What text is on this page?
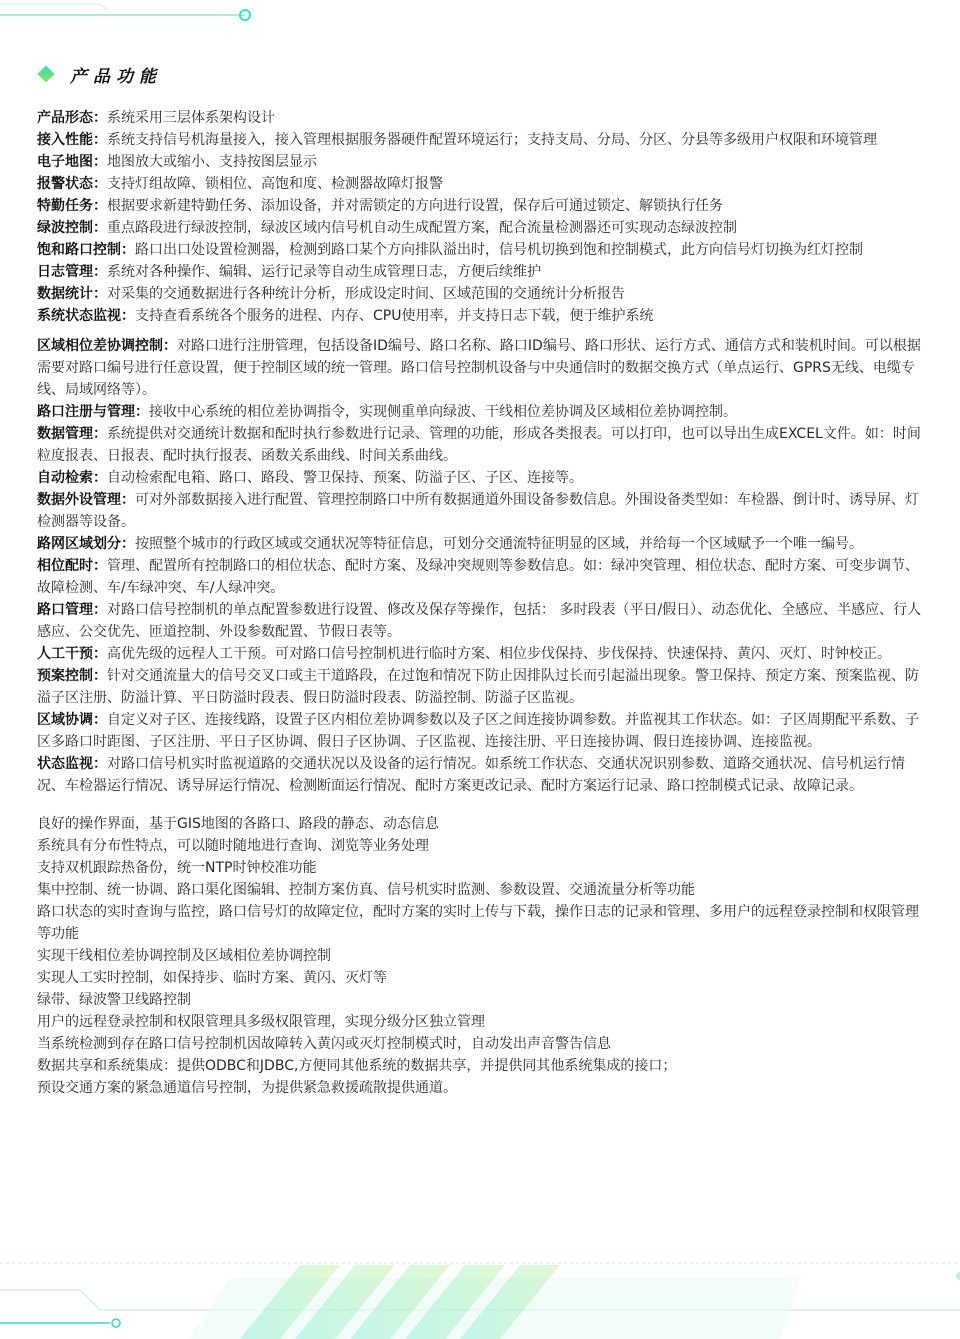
产品功能

产品形态：系统采用三层体系架构设计

接入性能：系统支持信号机海量接入，接入管理根据服务器硬件配置环境运行；支持支局、分局、分区、分县等多级用户权限和环境管理

电子地图：地图放大或缩小、支持按图层显示

报警状态：支持灯组故障、锁相位、高饱和度、检测器故障灯报警

特勤任务：根据要求新建特勤任务、添加设备，并对需锁定的方向进行设置，保存后可通过锁定、解锁执行任务

绿波控制：重点路段进行绿波控制，绿波区域内信号机自动生成配置方案，配合流量检测器还可实现动态绿波控制

饱和路口控制：路口出口处设置检测器，检测到路口某个方向排队溢出时，信号机切换到饱和控制模式，此方向信号灯切换为红灯控制

日志管理：系统对各种操作、编辑、运行记录等自动生成管理日志，方便后续维护

数据统计：对采集的交通数据进行各种统计分析，形成设定时间、区域范围的交通统计分析报告

系统状态监视：支持查看系统各个服务的进程、内存、CPU使用率，并支持日志下载，便于维护系统

区域相位差协调控制：对路口进行注册管理，包括设备ID编号、路口名称、路口ID编号、路口形状、运行方式、通信方式和装机时间。可以根据需要对路口编号进行任意设置，便于控制区域的统一管理。路口信号控制机设备与中央通信时的数据交换方式（单点运行、GPRS无线、电缆专线、局域网络等）。

路口注册与管理：接收中心系统的相位差协调指令，实现侧重单向绿波、干线相位差协调及区域相位差协调控制。

数据管理：系统提供对交通统计数据和配时执行参数进行记录、管理的功能，形成各类报表。可以打印，也可以导出生成EXCEL文件。如：时间粒度报表、日报表、配时执行报表、函数关系曲线、时间关系曲线。

自动检索：自动检索配电箱、路口、路段、警卫保持、预案、防溢子区、子区、连接等。

数据外设管理：可对外部数据接入进行配置、管理控制路口中所有数据通道外围设备参数信息。外围设备类型如：车检器、倒计时、诱导屏、灯检测器等设备。

路网区域划分：按照整个城市的行政区域或交通状况等特征信息，可划分交通流特征明显的区域，并给每一个区域赋予一个唯一编号。

相位配时：管理、配置所有控制路口的相位状态、配时方案、及绿冲突规则等参数信息。如：绿冲突管理、相位状态、配时方案、可变步调节、故障检测、车/车绿冲突、车/人绿冲突。

路口管理：对路口信号控制机的单点配置参数进行设置、修改及保存等操作，包括： 多时段表（平日/假日）、动态优化、全感应、半感应、行人感应、公交优先、匝道控制、外设参数配置、节假日表等。

人工干预：高优先级的远程人工干预。可对路口信号控制机进行临时方案、相位步伐保持、步伐保持、快速保持、黄闪、灭灯、时钟校正。

预案控制：针对交通流量大的信号交叉口或主干道路段，在过饱和情况下防止因排队过长而引起溢出现象。警卫保持、预定方案、预案监视、防溢子区注册、防溢计算、平日防溢时段表、假日防溢时段表、防溢控制、防溢子区监视。

区域协调：自定义对子区、连接线路，设置子区内相位差协调参数以及子区之间连接协调参数。并监视其工作状态。如：子区周期配平系数、子区多路口时距图、子区注册、平日子区协调、假日子区协调、子区监视、连接注册、平日连接协调、假日连接协调、连接监视。

状态监视：对路口信号机实时监视道路的交通状况以及设备的运行情况。如系统工作状态、交通状况识别参数、道路交通状况、信号机运行情况、车检器运行情况、诱导屏运行情况、检测断面运行情况、配时方案更改记录、配时方案运行记录、路口控制模式记录、故障记录。

良好的操作界面，基于GIS地图的各路口、路段的静态、动态信息

系统具有分布性特点，可以随时随地进行查询、浏览等业务处理

支持双机跟踪热备份，统一NTP时钟校准功能

集中控制、统一协调、路口渠化图编辑、控制方案仿真、信号机实时监测、参数设置、交通流量分析等功能

路口状态的实时查询与监控，路口信号灯的故障定位，配时方案的实时上传与下载，操作日志的记录和管理、多用户的远程登录控制和权限管理等功能

实现干线相位差协调控制及区域相位差协调控制

实现人工实时控制，如保持步、临时方案、黄闪、灭灯等

绿带、绿波警卫线路控制

用户的远程登录控制和权限管理具多级权限管理，实现分级分区独立管理

当系统检测到存在路口信号控制机因故障转入黄闪或灭灯控制模式时，自动发出声音警告信息

数据共享和系统集成：提供ODBC和JDBC,方便同其他系统的数据共享，并提供同其他系统集成的接口；

预设交通方案的紧急通道信号控制，为提供紧急救援疏散提供通道。
